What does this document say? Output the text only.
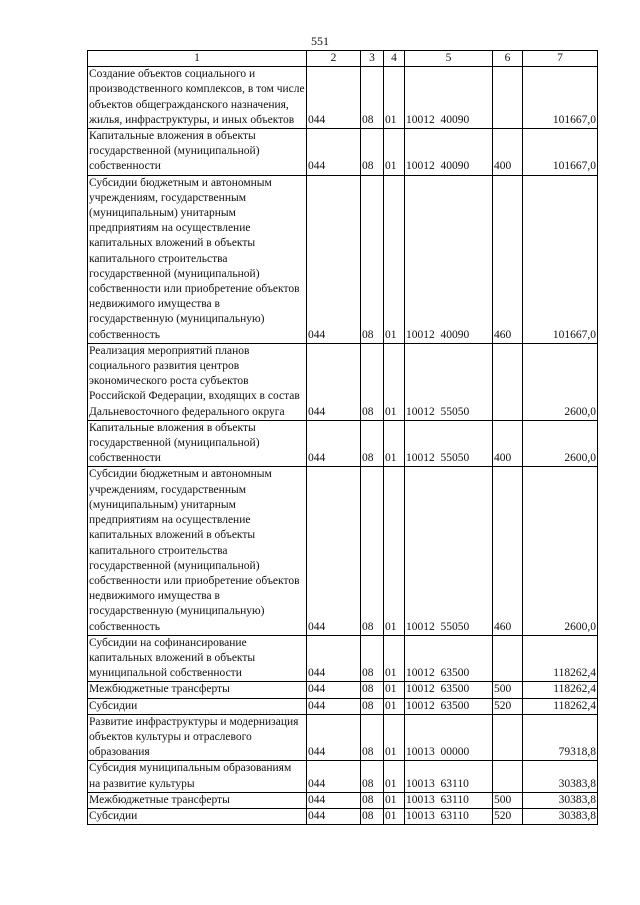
551
1	2	3	4	5	6	7
Создание объектов социального и производственного комплексов, в том числе объектов общегражданского назначения, жилья, инфраструктуры, и иных объектов	044	08	01	10012  40090		101667,0
Капитальные вложения в объекты государственной (муниципальной) собственности	044	08	01	10012  40090	400	101667,0
Субсидии бюджетным и автономным учреждениям, государственным (муниципальным) унитарным предприятиям на осуществление капитальных вложений в объекты капитального строительства государственной (муниципальной) собственности или приобретение объектов недвижимого имущества в государственную (муниципальную) собственность	044	08	01	10012  40090	460	101667,0
Реализация мероприятий планов социального развития центров экономического роста субъектов Российской Федерации, входящих в состав Дальневосточного федерального округа	044	08	01	10012  55050		2600,0
Капитальные вложения в объекты государственной (муниципальной) собственности	044	08	01	10012  55050	400	2600,0
Субсидии бюджетным и автономным учреждениям, государственным (муниципальным) унитарным предприятиям на осуществление капитальных вложений в объекты капитального строительства государственной (муниципальной) собственности или приобретение объектов недвижимого имущества в государственную (муниципальную) собственность	044	08	01	10012  55050	460	2600,0
Субсидии на софинансирование капитальных вложений в объекты муниципальной собственности	044	08	01	10012  63500		118262,4
Межбюджетные трансферты	044	08	01	10012  63500	500	118262,4
Субсидии	044	08	01	10012  63500	520	118262,4
Развитие инфраструктуры и модернизация объектов культуры и отраслевого образования	044	08	01	10013  00000		79318,8
Субсидия муниципальным образованиям на развитие культуры	044	08	01	10013  63110		30383,8
Межбюджетные трансферты	044	08	01	10013  63110	500	30383,8
Субсидии	044	08	01	10013  63110	520	30383,8
